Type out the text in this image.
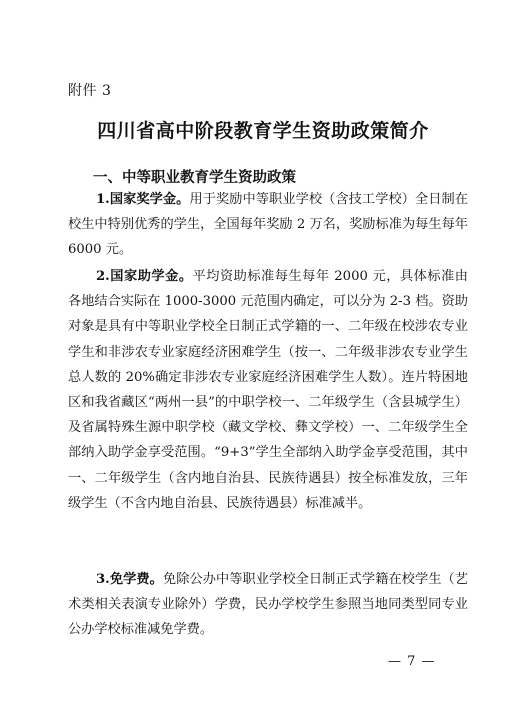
附件 3
四川省高中阶段教育学生资助政策简介
一、中等职业教育学生资助政策
1.国家奖学金。用于奖励中等职业学校（含技工学校）全日制在校生中特别优秀的学生，全国每年奖励 2 万名，奖励标准为每生每年 6000 元。
2.国家助学金。平均资助标准每生每年 2000 元，具体标准由各地结合实际在 1000-3000 元范围内确定，可以分为 2-3 档。资助对象是具有中等职业学校全日制正式学籍的一、二年级在校涉农专业学生和非涉农专业家庭经济困难学生（按一、二年级非涉农专业学生总人数的 20%确定非涉农专业家庭经济困难学生人数）。连片特困地区和我省藏区“两州一县”的中职学校一、二年级学生（含县城学生）及省属特殊生源中职学校（藏文学校、彝文学校）一、二年级学生全部纳入助学金享受范围。“9+3”学生全部纳入助学金享受范围，其中一、二年级学生（含内地自治县、民族待遇县）按全标准发放，三年级学生（不含内地自治县、民族待遇县）标准减半。
3.免学费。免除公办中等职业学校全日制正式学籍在校学生（艺术类相关表演专业除外）学费，民办学校学生参照当地同类型同专业公办学校标准减免学费。
— 7 —
